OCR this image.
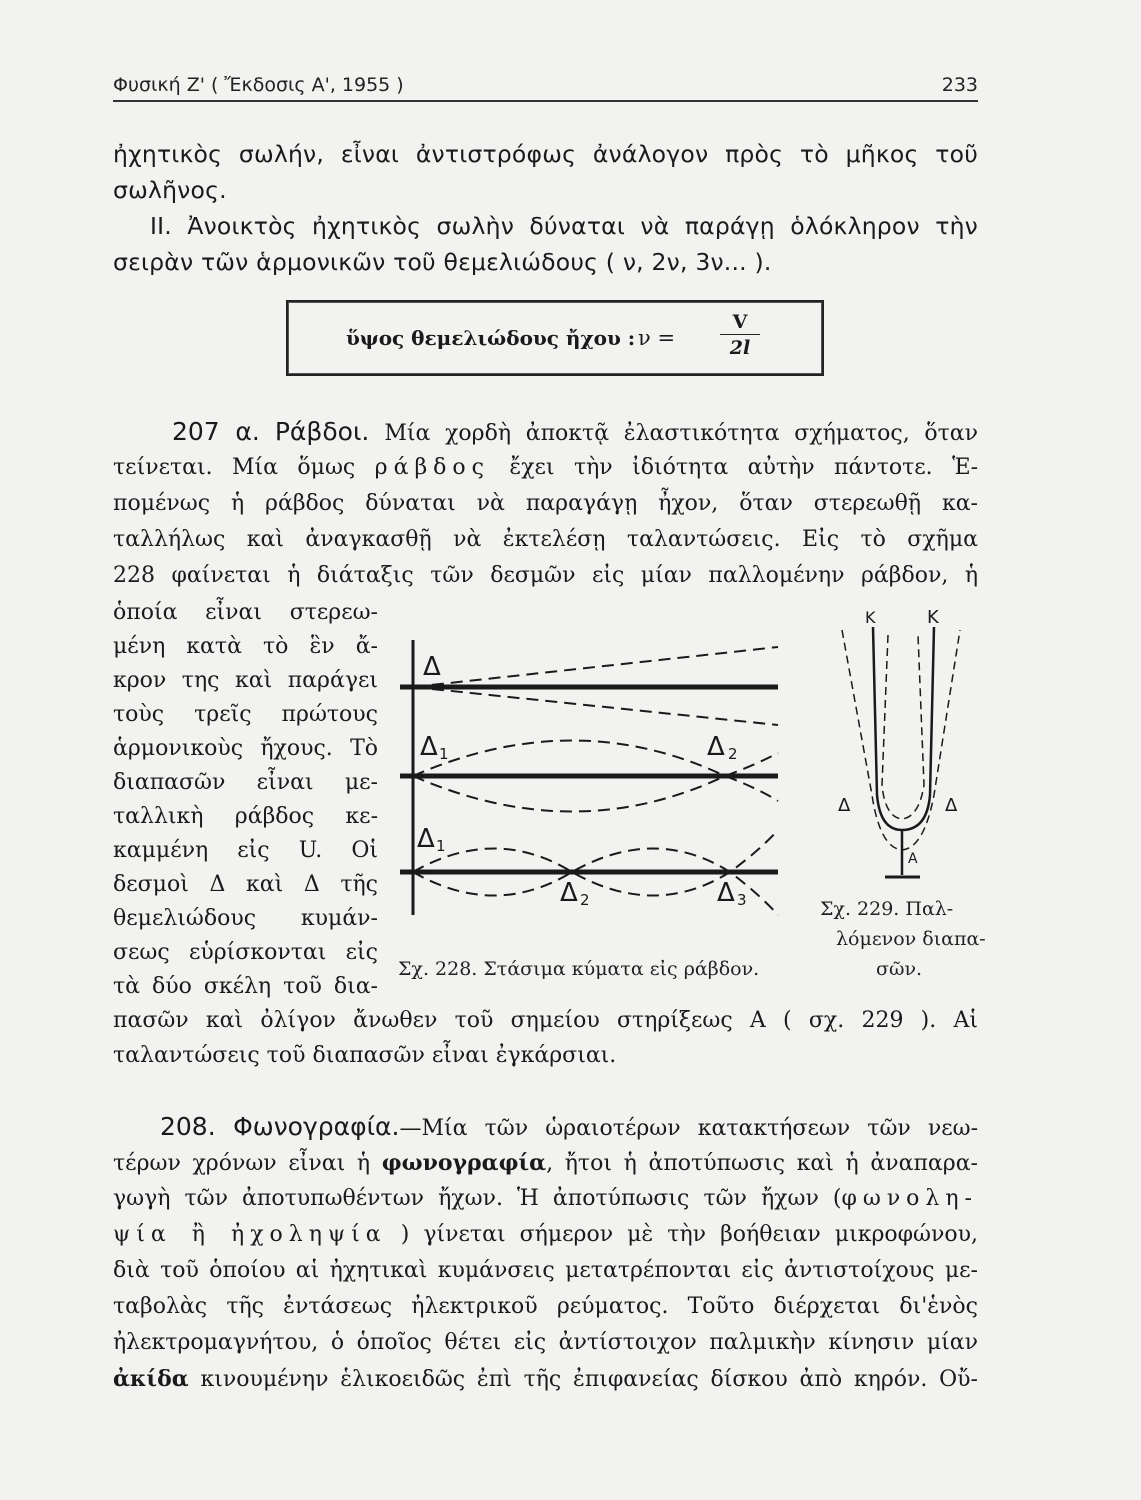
Φυσική Ζ' ( Ἔκδοσις Α', 1955 )	233
ἠχητικὸς σωλήν, εἶναι ἀντιστρόφως ἀνάλογον πρὸς τὸ μῆκος τοῦ
σωλῆνος.
II. Ἀνοικτὸς ἠχητικὸς σωλὴν δύναται νὰ παράγῃ ὁλόκληρον τὴν
σειρὰν τῶν ἁρμονικῶν τοῦ θεμελιώδους ( ν, 2ν, 3ν... ).
ὕψος θεμελιώδους ἤχου : $\nu = \frac{V}{2l}$
207 α. Ράβδοι. Μία χορδὴ ἀποκτᾷ ἐλαστικότητα σχήματος, ὅταν
τείνεται. Μία ὅμως ράβδος ἔχει τὴν ἰδιότητα αὐτὴν πάντοτε. Ἑ-
πομένως ἡ ράβδος δύναται νὰ παραγάγῃ ἦχον, ὅταν στερεωθῇ κα-
ταλλήλως καὶ ἀναγκασθῇ νὰ ἐκτελέσῃ ταλαντώσεις. Εἰς τὸ σχῆμα
228 φαίνεται ἡ διάταξις τῶν δεσμῶν εἰς μίαν παλλομένην ράβδον, ἡ
ὁποία εἶναι στερεω-
μένη κατὰ τὸ ἓν ἄ-
κρον της καὶ παράγει
τοὺς τρεῖς πρώτους
ἁρμονικοὺς ἤχους. Τὸ
διαπασῶν εἶναι με-
ταλλικὴ ράβδος κε-
καμμένη εἰς U. Οἱ
δεσμοὶ Δ καὶ Δ τῆς
θεμελιώδους κυμάν-
σεως εὑρίσκονται εἰς
τὰ δύο σκέλη τοῦ δια-
Δ
Δ 1	Δ 2
Δ 1
Δ 2	Δ 3
Σχ. 228. Στάσιμα κύματα εἰς ράβδον.
Κ	Κ
Δ	Δ
Α
Σχ. 229. Παλ-
λόμενον διαπα-
σῶν.
πασῶν καὶ ὀλίγον ἄνωθεν τοῦ σημείου στηρίξεως Α ( σχ. 229 ). Αἱ
ταλαντώσεις τοῦ διαπασῶν εἶναι ἐγκάρσιαι.
208. Φωνογραφία.—Μία τῶν ὡραιοτέρων κατακτήσεων τῶν νεω-
τέρων χρόνων εἶναι ἡ φωνογραφία, ἤτοι ἡ ἀποτύπωσις καὶ ἡ ἀναπαρα-
γωγὴ τῶν ἀποτυπωθέντων ἤχων. Ἡ ἀποτύπωσις τῶν ἤχων (φωνολη-
ψία ἢ ἠχοληψία ) γίνεται σήμερον μὲ τὴν βοήθειαν μικροφώνου,
διὰ τοῦ ὁποίου αἱ ἠχητικαὶ κυμάνσεις μετατρέπονται εἰς ἀντιστοίχους με-
ταβολὰς τῆς ἐντάσεως ἠλεκτρικοῦ ρεύματος. Τοῦτο διέρχεται δι'ἑνὸς
ἠλεκτρομαγνήτου, ὁ ὁποῖος θέτει εἰς ἀντίστοιχον παλμικὴν κίνησιν μίαν
ἀκίδα κινουμένην ἑλικοειδῶς ἐπὶ τῆς ἐπιφανείας δίσκου ἀπὸ κηρόν. Οὔ-
